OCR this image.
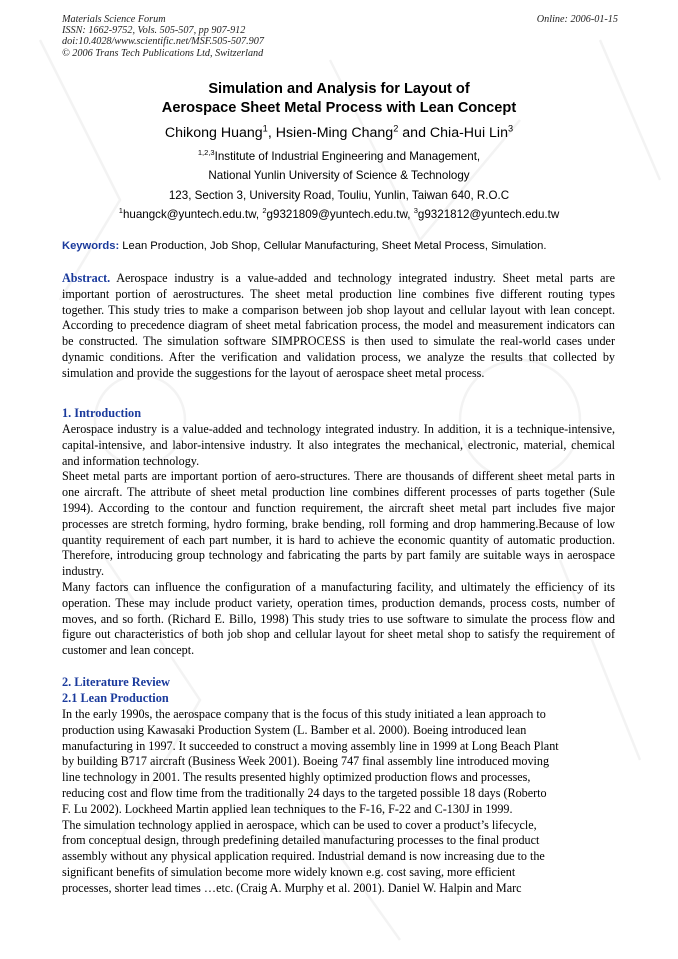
Materials Science Forum
ISSN: 1662-9752, Vols. 505-507, pp 907-912
doi:10.4028/www.scientific.net/MSF.505-507.907
© 2006 Trans Tech Publications Ltd, Switzerland
Online: 2006-01-15
Simulation and Analysis for Layout of
Aerospace Sheet Metal Process with Lean Concept
Chikong Huang$^1$, Hsien-Ming Chang$^2$ and Chia-Hui Lin$^3$
$^{1,2,3}$Institute of Industrial Engineering and Management,
National Yunlin University of Science & Technology
123, Section 3, University Road, Touliu, Yunlin, Taiwan 640, R.O.C
$^1$huangck@yuntech.edu.tw, $^2$g9321809@yuntech.edu.tw, $^3$g9321812@yuntech.edu.tw
Keywords: Lean Production, Job Shop, Cellular Manufacturing, Sheet Metal Process, Simulation.

Abstract. Aerospace industry is a value-added and technology integrated industry. Sheet metal parts are important portion of aerostructures. The sheet metal production line combines five different routing types together. This study tries to make a comparison between job shop layout and cellular layout with lean concept. According to precedence diagram of sheet metal fabrication process, the model and measurement indicators can be constructed. The simulation software SIMPROCESS is then used to simulate the real-world cases under dynamic conditions. After the verification and validation process, we analyze the results that collected by simulation and provide the suggestions for the layout of aerospace sheet metal process.

1. Introduction

Aerospace industry is a value-added and technology integrated industry. In addition, it is a technique-intensive, capital-intensive, and labor-intensive industry. It also integrates the mechanical, electronic, material, chemical and information technology.

Sheet metal parts are important portion of aero-structures. There are thousands of different sheet metal parts in one aircraft. The attribute of sheet metal production line combines different processes of parts together (Sule 1994). According to the contour and function requirement, the aircraft sheet metal part includes five major processes are stretch forming, hydro forming, brake bending, roll forming and drop hammering.Because of low quantity requirement of each part number, it is hard to achieve the economic quantity of automatic production. Therefore, introducing group technology and fabricating the parts by part family are suitable ways in aerospace industry.

Many factors can influence the configuration of a manufacturing facility, and ultimately the efficiency of its operation. These may include product variety, operation times, production demands, process costs, number of moves, and so forth. (Richard E. Billo, 1998) This study tries to use software to simulate the process flow and figure out characteristics of both job shop and cellular layout for sheet metal shop to satisfy the requirement of customer and lean concept.

2. Literature Review
2.1 Lean Production
In the early 1990s, the aerospace company that is the focus of this study initiated a lean approach to
production using Kawasaki Production System (L. Bamber et al. 2000). Boeing introduced lean
manufacturing in 1997. It succeeded to construct a moving assembly line in 1999 at Long Beach Plant
by building B717 aircraft (Business Week 2001). Boeing 747 final assembly line introduced moving
line technology in 2001. The results presented highly optimized production flows and processes,
reducing cost and flow time from the traditionally 24 days to the targeted possible 18 days (Roberto
F. Lu 2002). Lockheed Martin applied lean techniques to the F-16, F-22 and C-130J in 1999.
The simulation technology applied in aerospace, which can be used to cover a product’s lifecycle,
from conceptual design, through predefining detailed manufacturing processes to the final product
assembly without any physical application required. Industrial demand is now increasing due to the
significant benefits of simulation become more widely known e.g. cost saving, more efficient
processes, shorter lead times …etc. (Craig A. Murphy et al. 2001). Daniel W. Halpin and Marc
